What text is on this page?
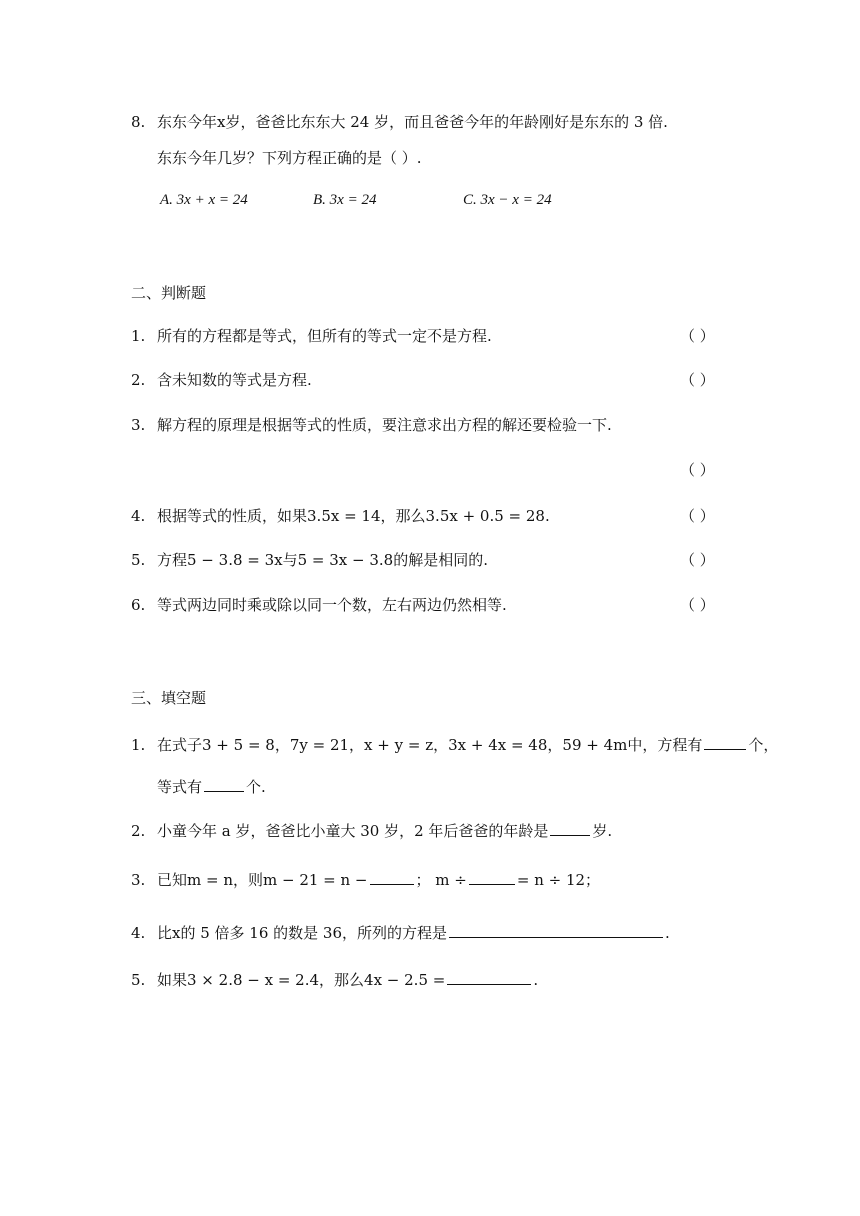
8. 东东今年x岁，爸爸比东东大 24 岁，而且爸爸今年的年龄刚好是东东的 3 倍.
东东今年几岁？下列方程正确的是（ ）.
A. 3x + x = 24	B. 3x = 24	C. 3x − x = 24
二、判断题
1. 所有的方程都是等式，但所有的等式一定不是方程.	（ ）
2. 含未知数的等式是方程.	（ ）
3. 解方程的原理是根据等式的性质，要注意求出方程的解还要检验一下.
（ ）
4. 根据等式的性质，如果3.5x = 14，那么3.5x + 0.5 = 28.	（ ）
5. 方程5 − 3.8 = 3x与5 = 3x − 3.8的解是相同的.	（ ）
6. 等式两边同时乘或除以同一个数，左右两边仍然相等.	（ ）
三、填空题
1. 在式子3 + 5 = 8，7y = 21，x + y = z，3x + 4x = 48，59 + 4m中，方程有	个，
等式有	个.
2. 小童今年 a 岁，爸爸比小童大 30 岁，2 年后爸爸的年龄是	岁.
3. 已知m = n，则m − 21 = n −	； m ÷	= n ÷ 12；
4. 比x的 5 倍多 16 的数是 36，所列的方程是	.
5. 如果3 × 2.8 − x = 2.4，那么4x − 2.5 =	.
